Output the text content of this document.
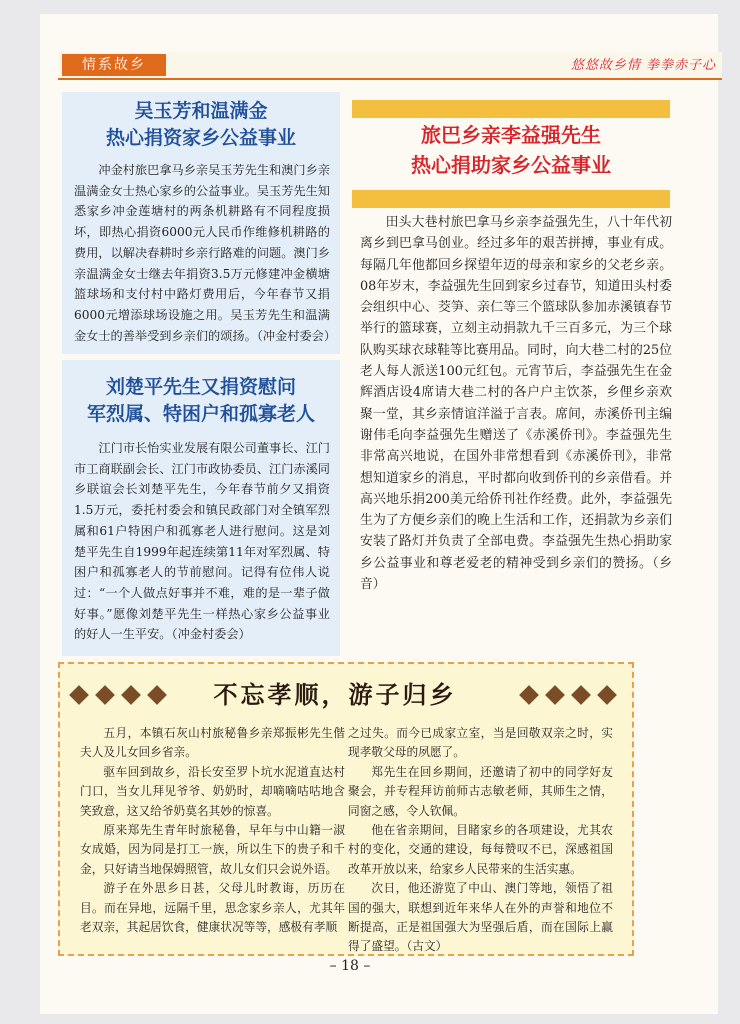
情系故乡	悠悠故乡情 拳拳赤子心
吴玉芳和温满金
热心捐资家乡公益事业

冲金村旅巴拿马乡亲吴玉芳先生和澳门乡亲温满金女士热心家乡的公益事业。吴玉芳先生知悉家乡冲金莲塘村的两条机耕路有不同程度损坏，即热心捐资6000元人民币作维修机耕路的费用，以解决春耕时乡亲行路难的问题。澳门乡亲温满金女士继去年捐资3.5万元修建冲金横塘篮球场和支付村中路灯费用后，今年春节又捐6000元增添球场设施之用。吴玉芳先生和温满金女士的善举受到乡亲们的颂扬。（冲金村委会）

刘楚平先生又捐资慰问
军烈属、特困户和孤寡老人

江门市长怡实业发展有限公司董事长、江门市工商联副会长、江门市政协委员、江门赤溪同乡联谊会长刘楚平先生，今年春节前夕又捐资1.5万元，委托村委会和镇民政部门对全镇军烈属和61户特困户和孤寡老人进行慰问。这是刘楚平先生自1999年起连续第11年对军烈属、特困户和孤寡老人的节前慰问。记得有位伟人说过：“一个人做点好事并不难，难的是一辈子做好事。”愿像刘楚平先生一样热心家乡公益事业的好人一生平安。（冲金村委会）

旅巴乡亲李益强先生
热心捐助家乡公益事业

田头大巷村旅巴拿马乡亲李益强先生，八十年代初离乡到巴拿马创业。经过多年的艰苦拼搏，事业有成。每隔几年他都回乡探望年迈的母亲和家乡的父老乡亲。08年岁末，李益强先生回到家乡过春节，知道田头村委会组织中心、茭笋、亲仁等三个篮球队参加赤溪镇春节举行的篮球赛，立刻主动捐款九千三百多元，为三个球队购买球衣球鞋等比赛用品。同时，向大巷二村的25位老人每人派送100元红包。元宵节后，李益强先生在金辉酒店设4席请大巷二村的各户户主饮茶，乡俚乡亲欢聚一堂，其乡亲情谊洋溢于言表。席间，赤溪侨刊主编谢伟毛向李益强先生赠送了《赤溪侨刊》。李益强先生非常高兴地说，在国外非常想看到《赤溪侨刊》，非常想知道家乡的消息，平时都向收到侨刊的乡亲借看。并高兴地乐捐200美元给侨刊社作经费。此外，李益强先生为了方便乡亲们的晚上生活和工作，还捐款为乡亲们安装了路灯并负责了全部电费。李益强先生热心捐助家乡公益事业和尊老爱老的精神受到乡亲们的赞扬。（乡音）

不忘孝顺，游子归乡

五月，本镇石灰山村旅秘鲁乡亲郑振彬先生偕夫人及儿女回乡省亲。

驱车回到故乡，沿长安至罗卜坑水泥道直达村门口，当女儿拜见爷爷、奶奶时，却嘀嘀咕咕地含笑致意，这又给爷奶莫名其妙的惊喜。

原来郑先生青年时旅秘鲁，早年与中山籍一淑女成婚，因为同是打工一族，所以生下的贵子和千金，只好请当地保姆照管，故儿女们只会说外语。

游子在外思乡日甚，父母儿时教诲，历历在目。而在异地，远隔千里，思念家乡亲人，尤其年老双亲，其起居饮食，健康状况等等，感极有孝顺

之过失。而今已成家立室，当是回敬双亲之时，实现孝敬父母的夙愿了。

郑先生在回乡期间，还邀请了初中的同学好友聚会，并专程拜访前师古志敏老师，其师生之情，同窗之感，令人钦佩。

他在省亲期间，目睹家乡的各项建设，尤其农村的变化，交通的建设，每每赞叹不已，深感祖国改革开放以来，给家乡人民带来的生活实惠。

次日，他还游览了中山、澳门等地，领悟了祖国的强大，联想到近年来华人在外的声誉和地位不断提高，正是祖国强大为坚强后盾，而在国际上赢得了盛望。（古文）

– 18 –
